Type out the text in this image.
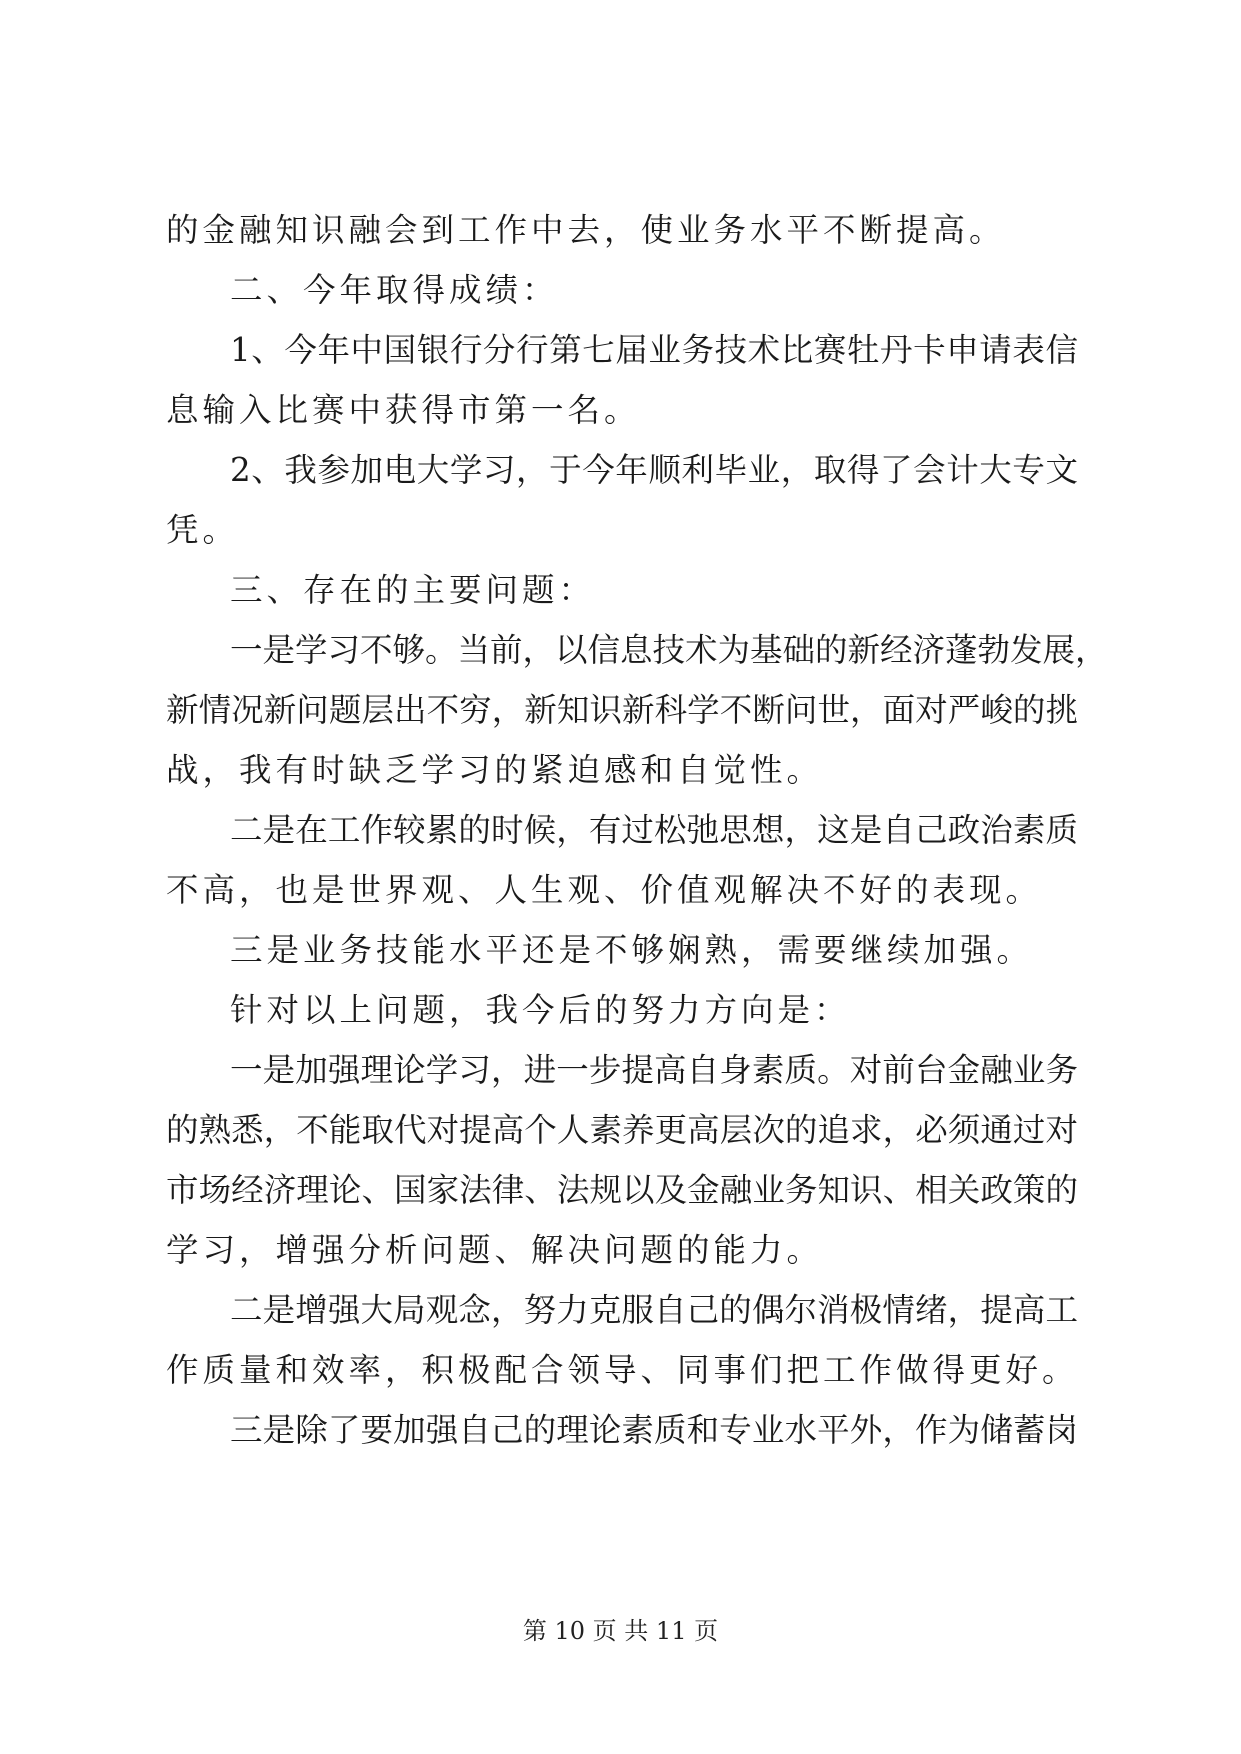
的金融知识融会到工作中去，使业务水平不断提高。
二、今年取得成绩：
1、今年中国银行分行第七届业务技术比赛牡丹卡申请表信
息输入比赛中获得市第一名。
2、我参加电大学习，于今年顺利毕业，取得了会计大专文
凭。
三、存在的主要问题：
一是学习不够。当前，以信息技术为基础的新经济蓬勃发展，
新情况新问题层出不穷，新知识新科学不断问世，面对严峻的挑
战，我有时缺乏学习的紧迫感和自觉性。
二是在工作较累的时候，有过松弛思想，这是自己政治素质
不高，也是世界观、人生观、价值观解决不好的表现。
三是业务技能水平还是不够娴熟，需要继续加强。
针对以上问题，我今后的努力方向是：
一是加强理论学习，进一步提高自身素质。对前台金融业务
的熟悉，不能取代对提高个人素养更高层次的追求，必须通过对
市场经济理论、国家法律、法规以及金融业务知识、相关政策的
学习，增强分析问题、解决问题的能力。
二是增强大局观念，努力克服自己的偶尔消极情绪，提高工
作质量和效率，积极配合领导、同事们把工作做得更好。
三是除了要加强自己的理论素质和专业水平外，作为储蓄岗
第 10 页 共 11 页
